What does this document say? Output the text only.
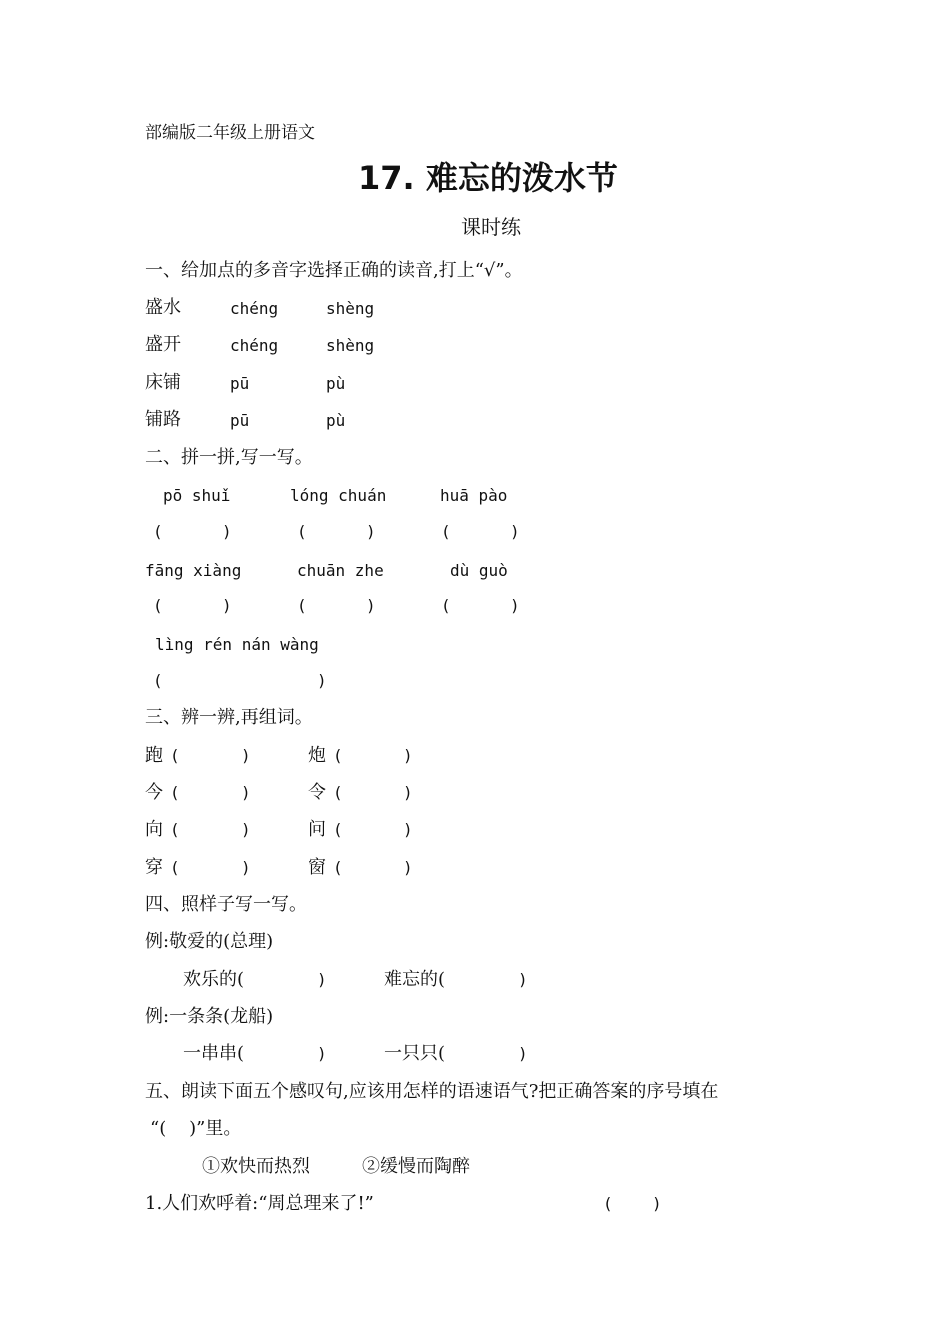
部编版二年级上册语文
17. 难忘的泼水节
课时练
一、给加点的多音字选择正确的读音,打上“√”。
盛水	chéng	shèng
盛开	chéng	shèng
床铺	pū	pù
铺路	pū	pù
二、拼一拼,写一写。
pō shuǐ	lóng chuán	huā pào
(	)	(	)	(	)
fāng xiàng	chuān zhe	dù guò
(	)	(	)	(	)
lìng rén nán wàng
(	)
三、辨一辨,再组词。
跑 (	)	炮 (	)
今 (	)	令 (	)
向 (	)	问 (	)
穿 (	)	窗 (	)
四、照样子写一写。
例:敬爱的(总理)
欢乐的(	)	难忘的(	)
例:一条条(龙船)
一串串(	)	一只只(	)
五、朗读下面五个感叹句,应该用怎样的语速语气?把正确答案的序号填在
“(    )”里。
①欢快而热烈	②缓慢而陶醉
1.人们欢呼着:“周总理来了!”	( )
